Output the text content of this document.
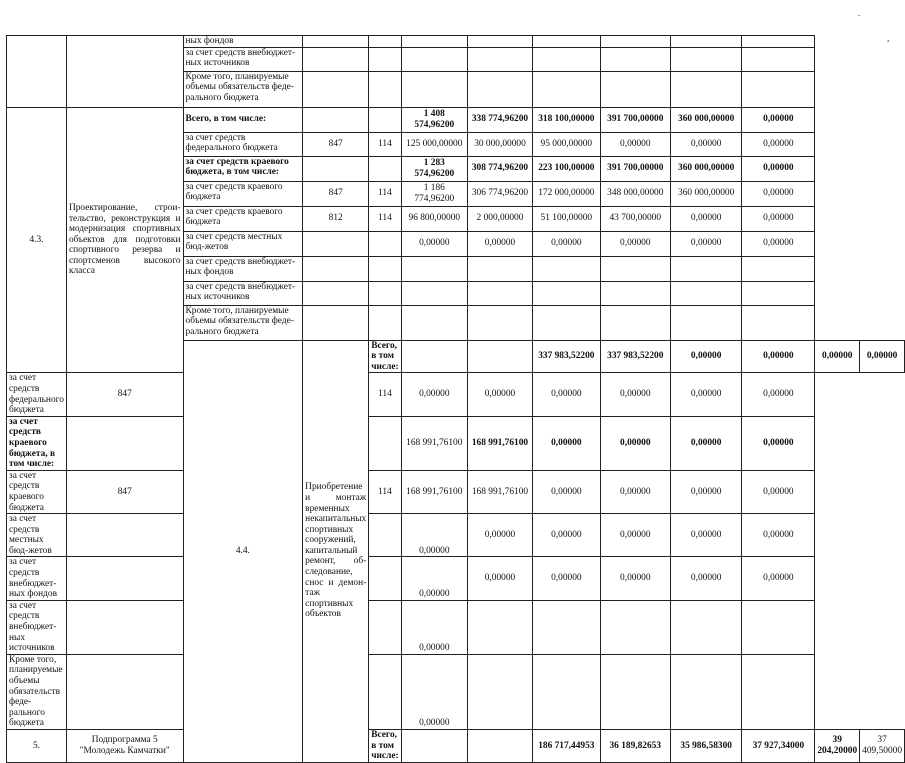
		ных фондов										
		за счет средств внебюджет-ных источников										
		Кроме того, планируемые объемы обязательств феде-рального бюджета										
4.3.	Проектирование, строи-тельство, реконструкция и модернизация спортивных объектов для подготовки спортивного резерва и спортсменов высокого класса	Всего, в том числе:			1 408 574,96200	338 774,96200	318 100,00000	391 700,00000	360 000,00000	0,00000		
		за счет средств федерального бюджета	847	114	125 000,00000	30 000,00000	95 000,00000	0,00000	0,00000	0,00000		
		за счет средств краевого бюджета, в том числе:			1 283 574,96200	308 774,96200	223 100,00000	391 700,00000	360 000,00000	0,00000		
		за счет средств краевого бюджета	847	114	1 186 774,96200	306 774,96200	172 000,00000	348 000,00000	360 000,00000	0,00000		
		за счет средств краевого бюджета	812	114	96 800,00000	2 000,00000	51 100,00000	43 700,00000	0,00000	0,00000		
		за счет средств местных бюд-жетов			0,00000	0,00000	0,00000	0,00000	0,00000	0,00000		
		за счет средств внебюджет-ных фондов										
		за счет средств внебюджет-ных источников										
		Кроме того, планируемые объемы обязательств феде-рального бюджета										
		4.4.	Приобретение и монтаж временных некапитальных спортивных сооружений, капитальный ремонт, об-следование, снос и демон-таж спортивных объектов	Всего, в том числе:			337 983,52200	337 983,52200	0,00000	0,00000	0,00000	0,00000
за счет средств федерального бюджета	847			114	0,00000	0,00000	0,00000	0,00000	0,00000	0,00000		
за счет средств краевого бюджета, в том числе:					168 991,76100	168 991,76100	0,00000	0,00000	0,00000	0,00000		
за счет средств краевого бюджета	847			114	168 991,76100	168 991,76100	0,00000	0,00000	0,00000	0,00000		
за счет средств местных бюд-жетов					0,00000	0,00000	0,00000	0,00000	0,00000	0,00000		
за счет средств внебюджет-ных фондов					0,00000	0,00000	0,00000	0,00000	0,00000	0,00000		
за счет средств внебюджет-ных источников					0,00000							
Кроме того, планируемые объемы обязательств феде-рального бюджета					0,00000							
5.	Подпрограмма 5 "Молодежь Камчатки"			Всего, в том числе:			186 717,44953	36 189,82653	35 986,58300	37 927,34000	39 204,20000	37 409,50000
.
,
